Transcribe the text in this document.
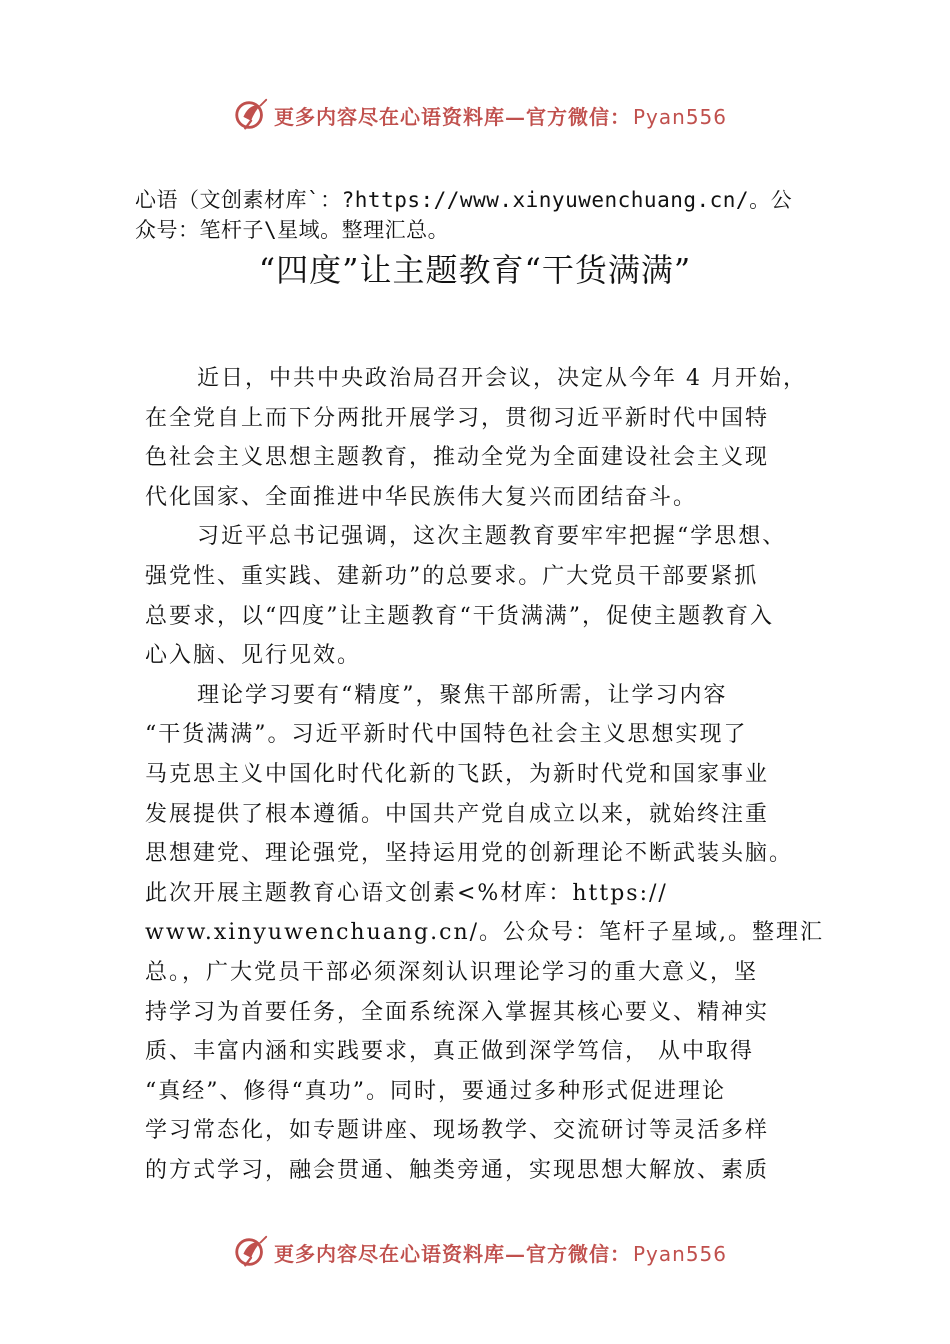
更多内容尽在心语资料库—官方微信： Pyan556
心语（文创素材库`：?https://www.xinyuwenchuang.cn/。公
众号：笔杆子\星域。整理汇总。
“四度”让主题教育“干货满满”
近日，中共中央政治局召开会议，决定从今年 4 月开始，
在全党自上而下分两批开展学习，贯彻习近平新时代中国特
色社会主义思想主题教育，推动全党为全面建设社会主义现
代化国家、全面推进中华民族伟大复兴而团结奋斗。
习近平总书记强调，这次主题教育要牢牢把握“学思想、
强党性、重实践、建新功”的总要求。广大党员干部要紧抓
总要求，以“四度”让主题教育“干货满满”，促使主题教育入
心入脑、见行见效。
理论学习要有“精度”，聚焦干部所需，让学习内容
“干货满满”。习近平新时代中国特色社会主义思想实现了
马克思主义中国化时代化新的飞跃，为新时代党和国家事业
发展提供了根本遵循。中国共产党自成立以来，就始终注重
思想建党、理论强党，坚持运用党的创新理论不断武装头脑。
此次开展主题教育心语文创素<%材库：https://
www.xinyuwenchuang.cn/。公众号：笔杆子星域,。整理汇
总。，广大党员干部必须深刻认识理论学习的重大意义，坚
持学习为首要任务，全面系统深入掌握其核心要义、精神实
质、丰富内涵和实践要求，真正做到深学笃信， 从中取得
“真经”、修得“真功”。同时，要通过多种形式促进理论
学习常态化，如专题讲座、现场教学、交流研讨等灵活多样
的方式学习，融会贯通、触类旁通，实现思想大解放、素质
更多内容尽在心语资料库—官方微信： Pyan556
